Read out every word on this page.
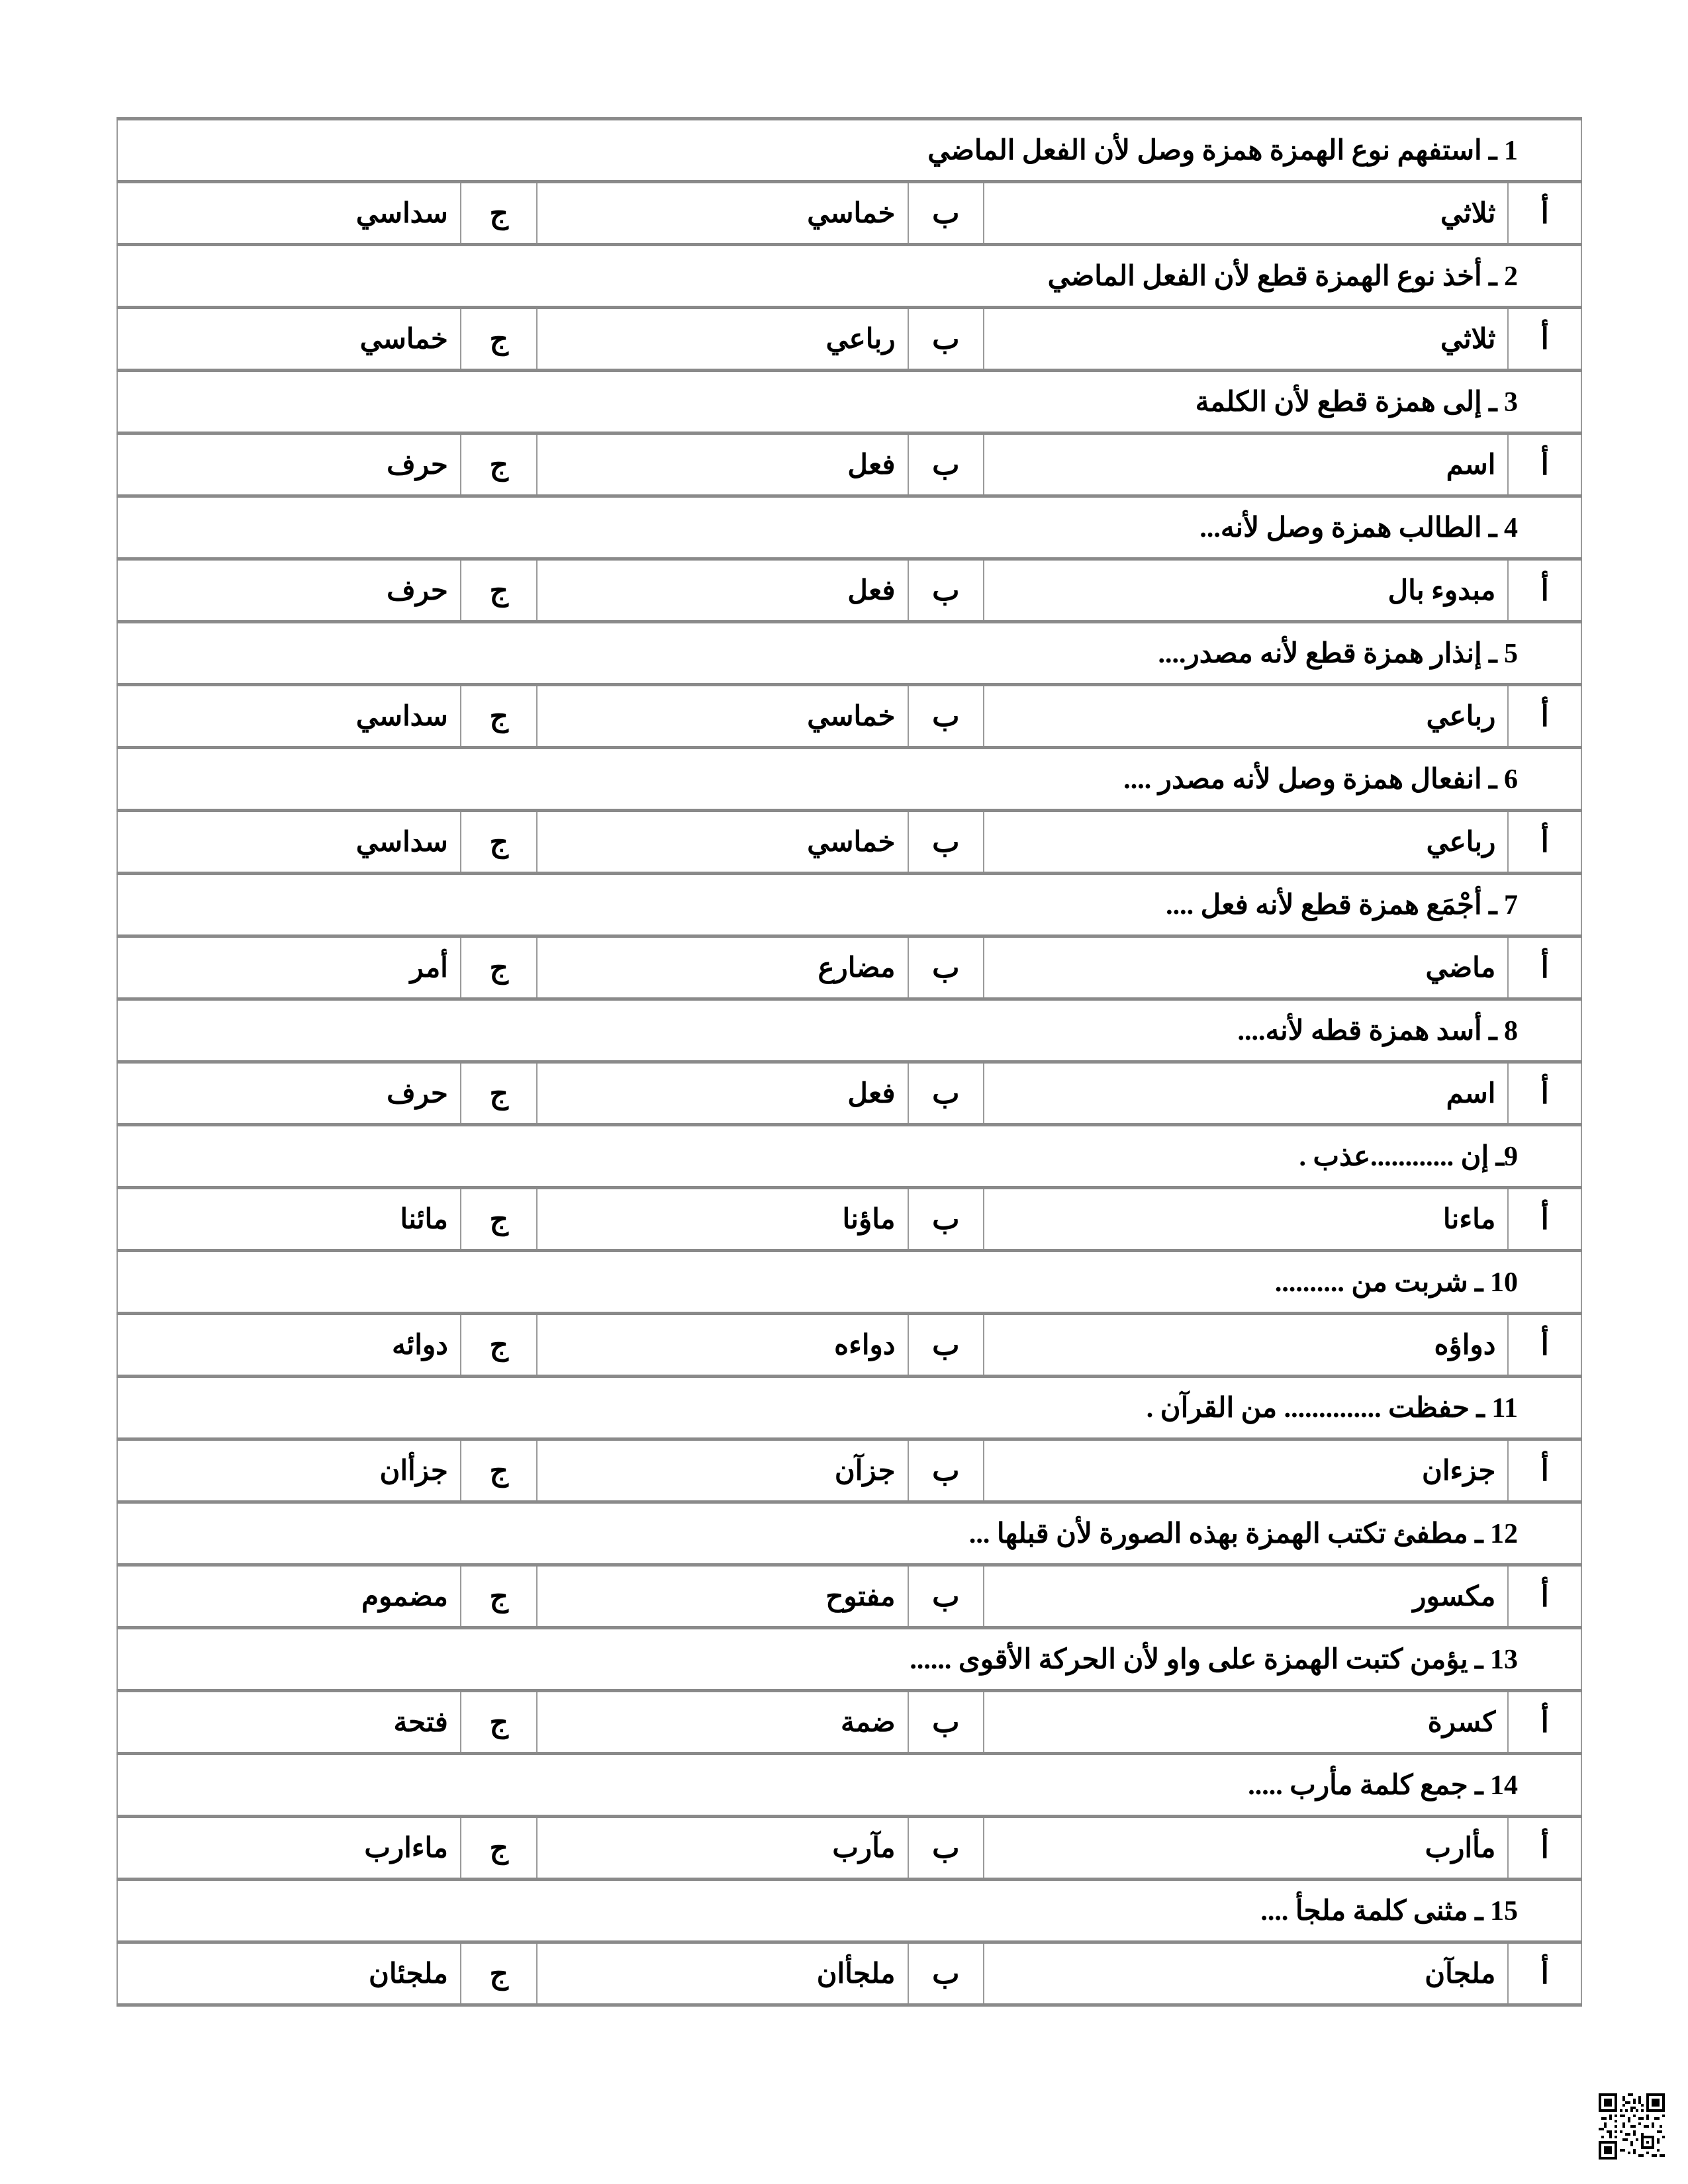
1 ـ استفهم نوع الهمزة همزة وصل لأن الفعل الماضي					
أ	ثلاثي	ب	خماسي	ج	سداسي
2 ـ أخذ نوع الهمزة قطع لأن الفعل الماضي					
أ	ثلاثي	ب	رباعي	ج	خماسي
3 ـ إلى همزة قطع لأن الكلمة					
أ	اسم	ب	فعل	ج	حرف
4 ـ الطالب همزة وصل لأنه...					
أ	مبدوء بال	ب	فعل	ج	حرف
5 ـ إنذار همزة قطع لأنه مصدر....					
أ	رباعي	ب	خماسي	ج	سداسي
6 ـ انفعال همزة وصل لأنه مصدر ....					
أ	رباعي	ب	خماسي	ج	سداسي
7 ـ أجْمَع همزة قطع لأنه فعل ....					
أ	ماضي	ب	مضارع	ج	أمر
8 ـ أسد همزة قطه لأنه....					
أ	اسم	ب	فعل	ج	حرف
9ـ إن ............عذب .					
أ	ماءنا	ب	ماؤنا	ج	مائنا
10 ـ شربت من ..........					
أ	دواؤه	ب	دواءه	ج	دوائه
11 ـ حفظت .............. من القرآن .					
أ	جزءان	ب	جزآن	ج	جزأان
12 ـ مطفئ تكتب الهمزة بهذه الصورة لأن قبلها ...					
أ	مكسور	ب	مفتوح	ج	مضموم
13 ـ يؤمن كتبت الهمزة على واو لأن الحركة الأقوى ......					
أ	كسرة	ب	ضمة	ج	فتحة
14 ـ جمع كلمة مأرب .....					
أ	مأارب	ب	مآرب	ج	ماءارب
15 ـ مثنى كلمة ملجأ ....					
أ	ملجآن	ب	ملجأان	ج	ملجئان
